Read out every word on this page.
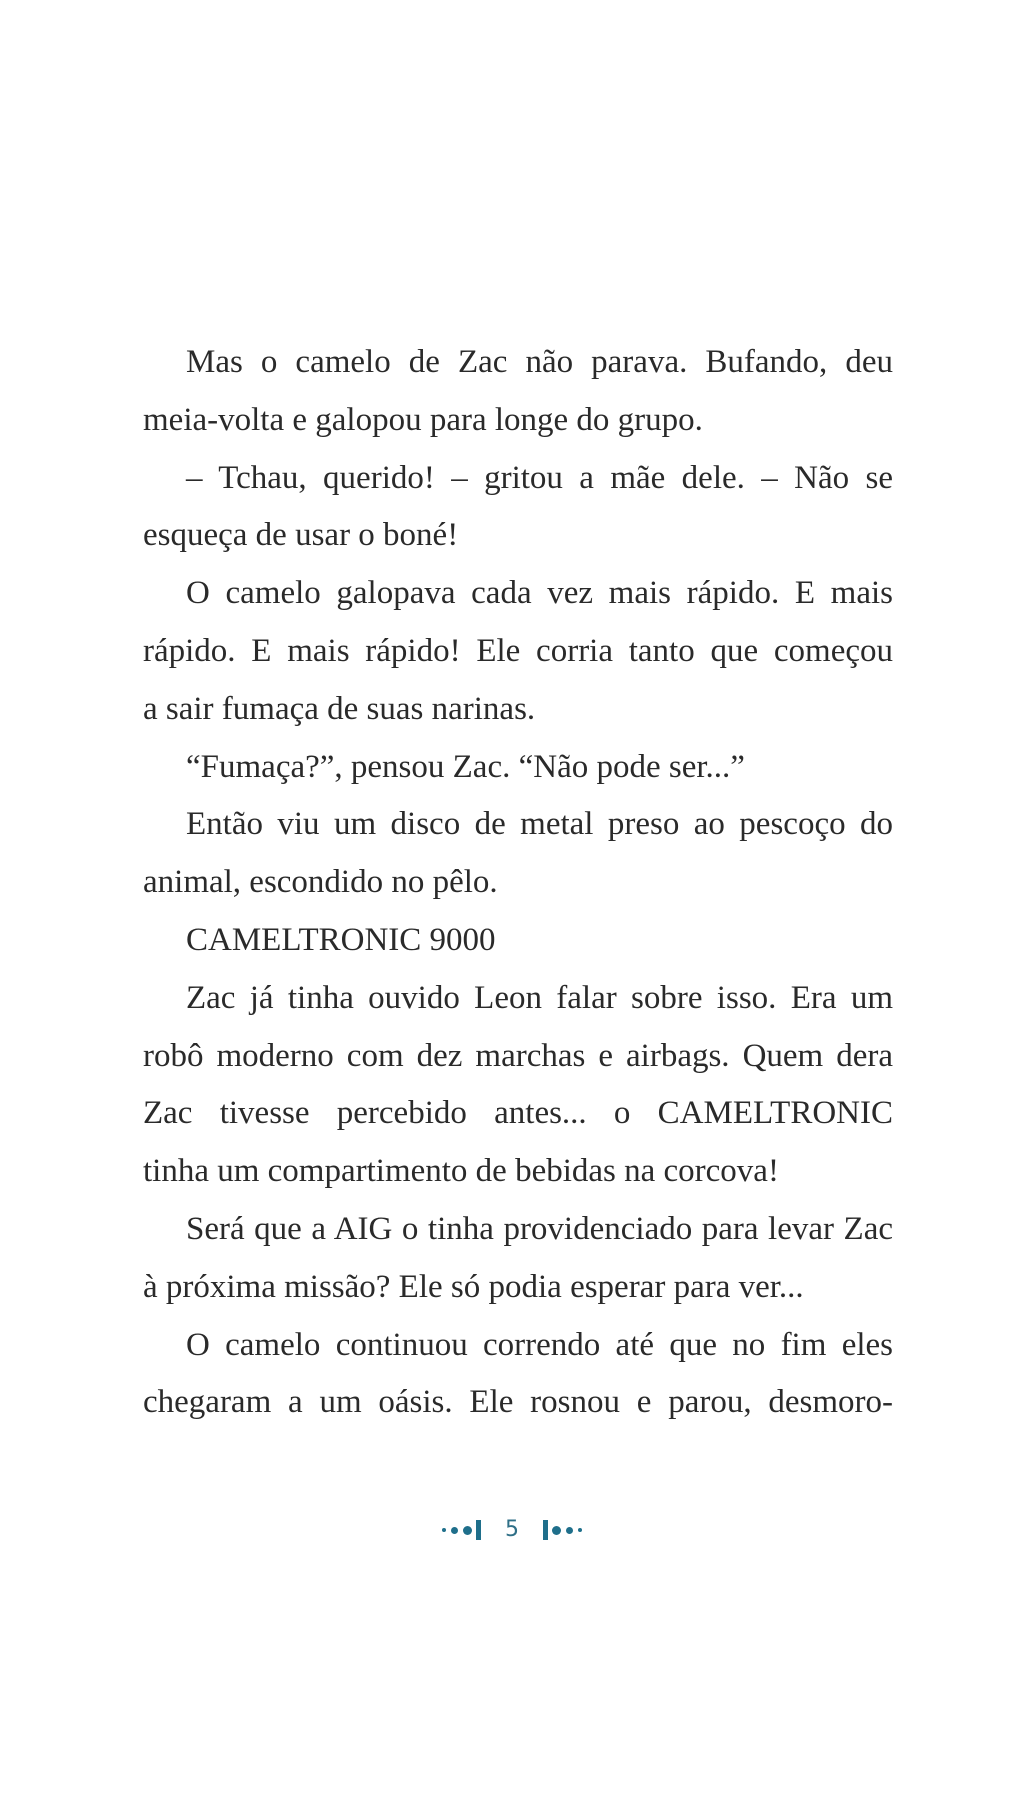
Mas o camelo de Zac não parava. Bufando, deu
meia-volta e galopou para longe do grupo.
– Tchau, querido! – gritou a mãe dele. – Não se
esqueça de usar o boné!
O camelo galopava cada vez mais rápido. E mais
rápido. E mais rápido! Ele corria tanto que começou
a sair fumaça de suas narinas.
“Fumaça?”, pensou Zac. “Não pode ser...”
Então viu um disco de metal preso ao pescoço do
animal, escondido no pêlo.
CAMELTRONIC 9000
Zac já tinha ouvido Leon falar sobre isso. Era um
robô moderno com dez marchas e airbags. Quem dera
Zac tivesse percebido antes... o CAMELTRONIC
tinha um compartimento de bebidas na corcova!
Será que a AIG o tinha providenciado para levar Zac
à próxima missão? Ele só podia esperar para ver...
O camelo continuou correndo até que no fim eles
chegaram a um oásis. Ele rosnou e parou, desmoro-
5
